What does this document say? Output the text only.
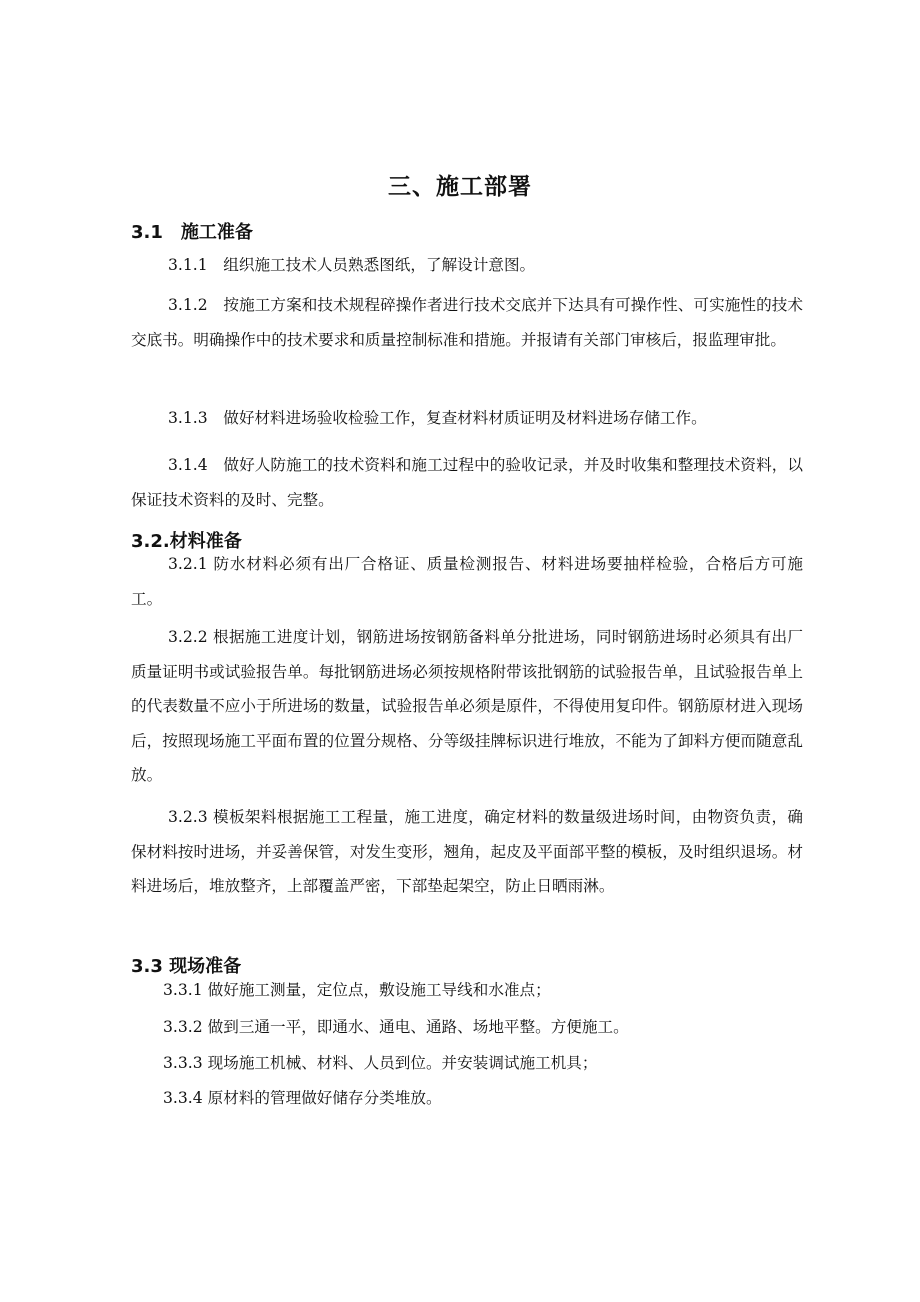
三、施工部署
3.1　施工准备
3.1.1　组织施工技术人员熟悉图纸，了解设计意图。
3.1.2　按施工方案和技术规程碎操作者进行技术交底并下达具有可操作性、可实施性的技术交底书。明确操作中的技术要求和质量控制标准和措施。并报请有关部门审核后，报监理审批。
3.1.3　做好材料进场验收检验工作，复查材料材质证明及材料进场存储工作。
3.1.4　做好人防施工的技术资料和施工过程中的验收记录，并及时收集和整理技术资料，以保证技术资料的及时、完整。
3.2.材料准备
3.2.1 防水材料必须有出厂合格证、质量检测报告、材料进场要抽样检验，合格后方可施工。
3.2.2 根据施工进度计划，钢筋进场按钢筋备料单分批进场，同时钢筋进场时必须具有出厂质量证明书或试验报告单。每批钢筋进场必须按规格附带该批钢筋的试验报告单，且试验报告单上的代表数量不应小于所进场的数量，试验报告单必须是原件，不得使用复印件。钢筋原材进入现场后，按照现场施工平面布置的位置分规格、分等级挂牌标识进行堆放，不能为了卸料方便而随意乱放。
3.2.3 模板架料根据施工工程量，施工进度，确定材料的数量级进场时间，由物资负责，确保材料按时进场，并妥善保管，对发生变形，翘角，起皮及平面部平整的模板，及时组织退场。材料进场后，堆放整齐，上部覆盖严密，下部垫起架空，防止日晒雨淋。
3.3 现场准备
3.3.1 做好施工测量，定位点，敷设施工导线和水准点；
3.3.2 做到三通一平，即通水、通电、通路、场地平整。方便施工。
3.3.3 现场施工机械、材料、人员到位。并安装调试施工机具；
3.3.4 原材料的管理做好储存分类堆放。
